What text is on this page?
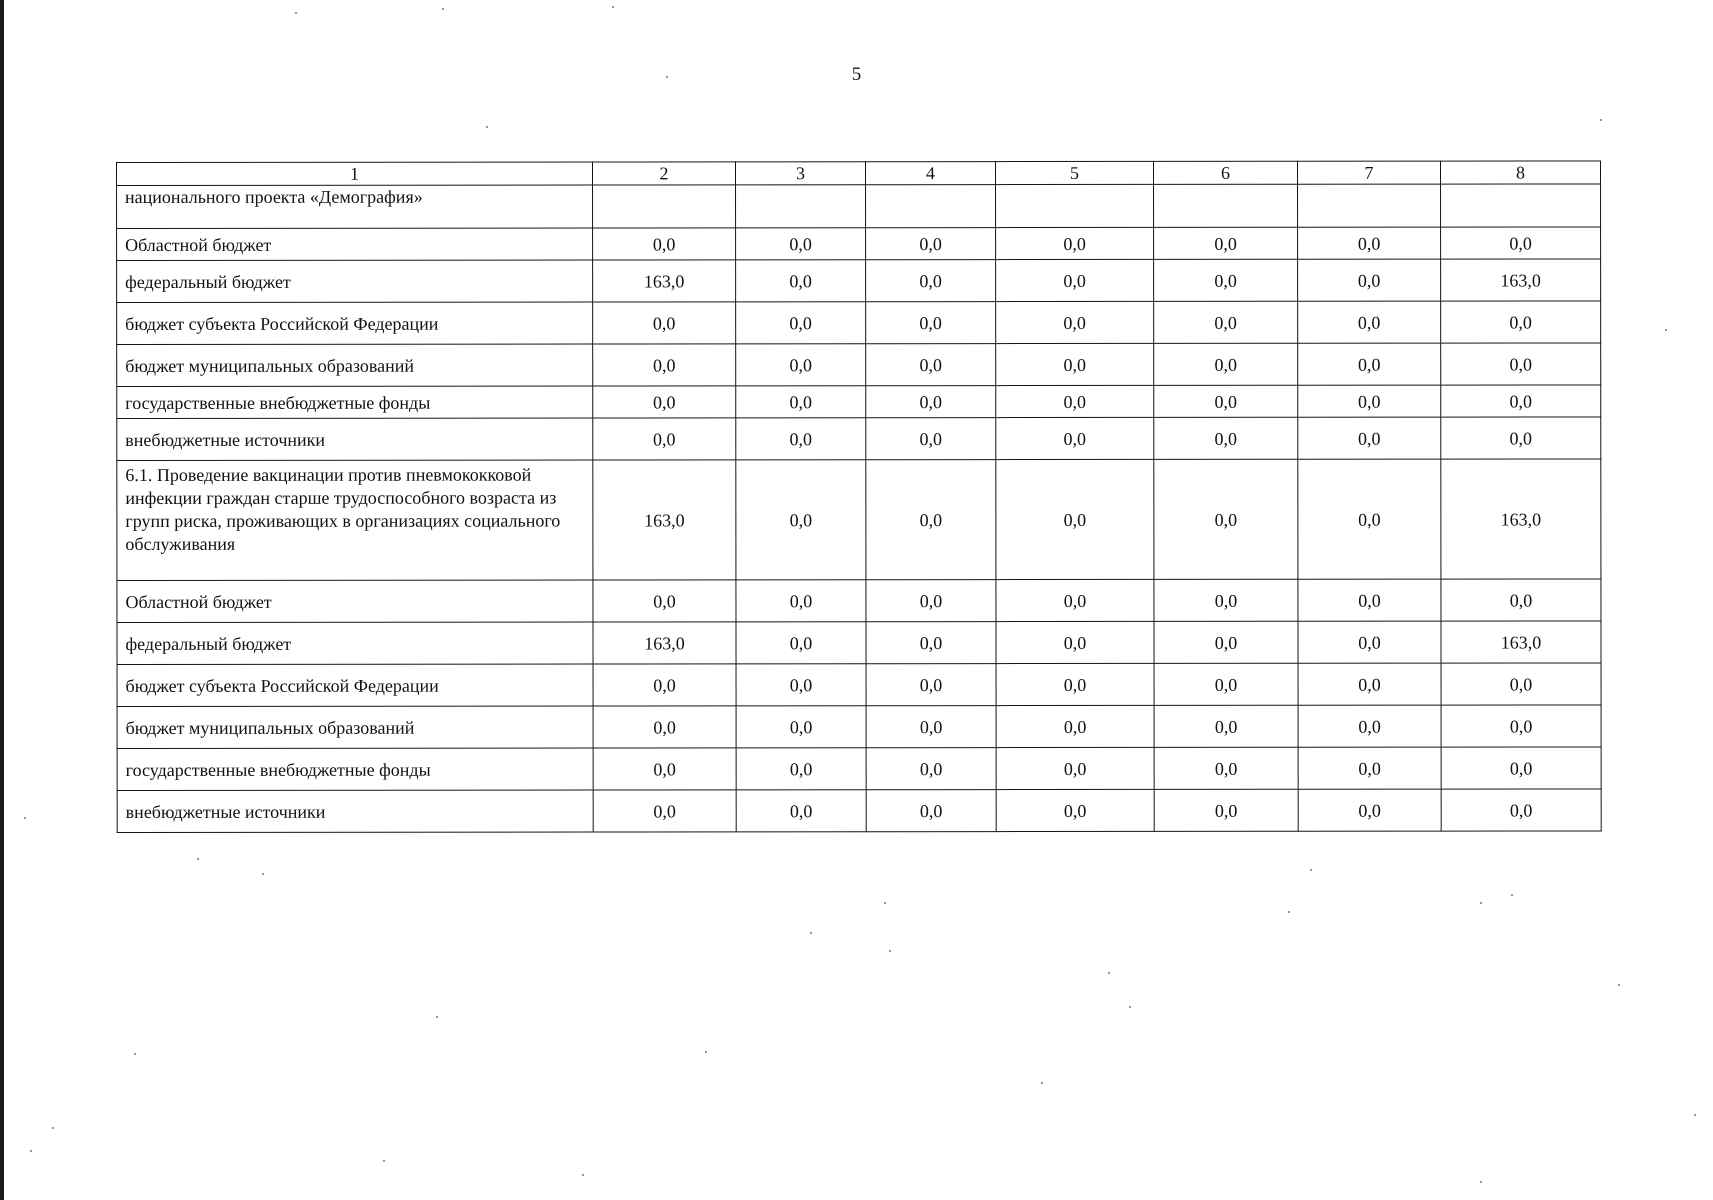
5
1	2	3	4	5	6	7	8
национального проекта «Демография»							
Областной бюджет	0,0	0,0	0,0	0,0	0,0	0,0	0,0
федеральный бюджет	163,0	0,0	0,0	0,0	0,0	0,0	163,0
бюджет субъекта Российской Федерации	0,0	0,0	0,0	0,0	0,0	0,0	0,0
бюджет муниципальных образований	0,0	0,0	0,0	0,0	0,0	0,0	0,0
государственные внебюджетные фонды	0,0	0,0	0,0	0,0	0,0	0,0	0,0
внебюджетные источники	0,0	0,0	0,0	0,0	0,0	0,0	0,0
6.1. Проведение вакцинации против пневмококковой инфекции граждан старше трудоспособного возраста из групп риска, проживающих в организациях социального обслуживания	163,0	0,0	0,0	0,0	0,0	0,0	163,0
Областной бюджет	0,0	0,0	0,0	0,0	0,0	0,0	0,0
федеральный бюджет	163,0	0,0	0,0	0,0	0,0	0,0	163,0
бюджет субъекта Российской Федерации	0,0	0,0	0,0	0,0	0,0	0,0	0,0
бюджет муниципальных образований	0,0	0,0	0,0	0,0	0,0	0,0	0,0
государственные внебюджетные фонды	0,0	0,0	0,0	0,0	0,0	0,0	0,0
внебюджетные источники	0,0	0,0	0,0	0,0	0,0	0,0	0,0
